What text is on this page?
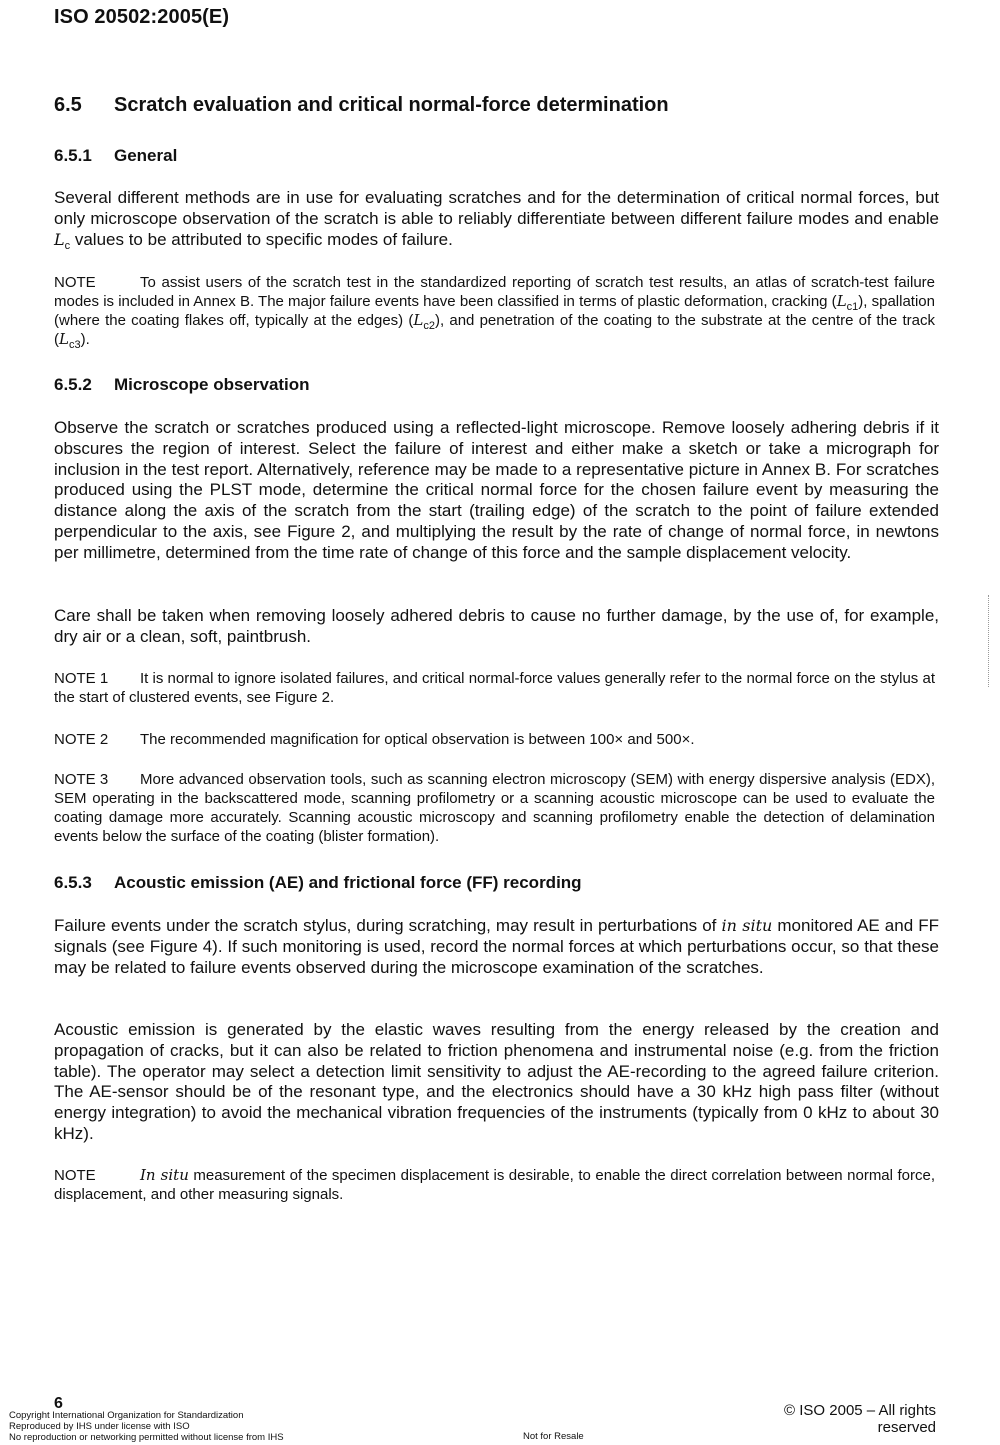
ISO 20502:2005(E)
6.5 Scratch evaluation and critical normal-force determination
6.5.1 General
Several different methods are in use for evaluating scratches and for the determination of critical normal forces, but only microscope observation of the scratch is able to reliably differentiate between different failure modes and enable $L_c$ values to be attributed to specific modes of failure.
NOTE	To assist users of the scratch test in the standardized reporting of scratch test results, an atlas of scratch-test failure modes is included in Annex B. The major failure events have been classified in terms of plastic deformation, cracking $(L_{c1})$, spallation (where the coating flakes off, typically at the edges) $(L_{c2})$, and penetration of the coating to the substrate at the centre of the track $(L_{c3})$.
6.5.2 Microscope observation
Observe the scratch or scratches produced using a reflected-light microscope. Remove loosely adhering debris if it obscures the region of interest. Select the failure of interest and either make a sketch or take a micrograph for inclusion in the test report. Alternatively, reference may be made to a representative picture in Annex B. For scratches produced using the PLST mode, determine the critical normal force for the chosen failure event by measuring the distance along the axis of the scratch from the start (trailing edge) of the scratch to the point of failure extended perpendicular to the axis, see Figure 2, and multiplying the result by the rate of change of normal force, in newtons per millimetre, determined from the time rate of change of this force and the sample displacement velocity.
Care shall be taken when removing loosely adhered debris to cause no further damage, by the use of, for example, dry air or a clean, soft, paintbrush.
NOTE 1 It is normal to ignore isolated failures, and critical normal-force values generally refer to the normal force on the stylus at the start of clustered events, see Figure 2.
NOTE 2 The recommended magnification for optical observation is between 100× and 500×.
NOTE 3 More advanced observation tools, such as scanning electron microscopy (SEM) with energy dispersive analysis (EDX), SEM operating in the backscattered mode, scanning profilometry or a scanning acoustic microscope can be used to evaluate the coating damage more accurately. Scanning acoustic microscopy and scanning profilometry enable the detection of delamination events below the surface of the coating (blister formation).
6.5.3 Acoustic emission (AE) and frictional force (FF) recording
Failure events under the scratch stylus, during scratching, may result in perturbations of in situ monitored AE and FF signals (see Figure 4). If such monitoring is used, record the normal forces at which perturbations occur, so that these may be related to failure events observed during the microscope examination of the scratches.
Acoustic emission is generated by the elastic waves resulting from the energy released by the creation and propagation of cracks, but it can also be related to friction phenomena and instrumental noise (e.g. from the friction table). The operator may select a detection limit sensitivity to adjust the AE-recording to the agreed failure criterion. The AE-sensor should be of the resonant type, and the electronics should have a 30 kHz high pass filter (without energy integration) to avoid the mechanical vibration frequencies of the instruments (typically from 0 kHz to about 30 kHz).
NOTE	In situ measurement of the specimen displacement is desirable, to enable the direct correlation between normal force, displacement, and other measuring signals.
6
Copyright International Organization for Standardization
Reproduced by IHS under license with ISO
No reproduction or networking permitted without license from IHS	Not for Resale
© ISO 2005 – All rights reserved
